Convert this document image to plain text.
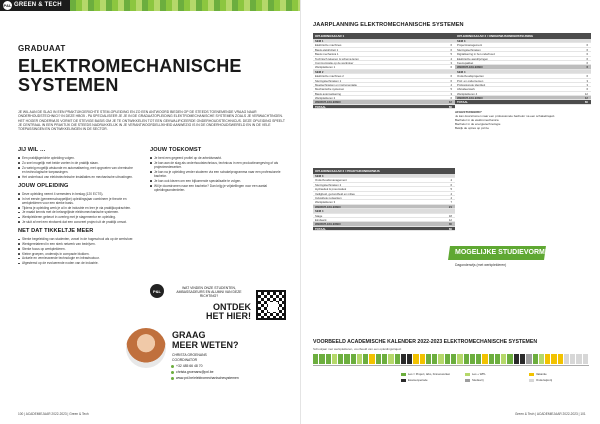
P&L GREEN & TECH
GRADUAAT
ELEKTROMECHANISCHE
SYSTEMEN
JE WIL AAN DE SLAG IN EEN PRAKTIJKGERICHTE STEM-OPLEIDING EN ZO EEN ANTWOORD BIEDEN OP DE STEEDS TOENEMENDE VRAAG NAAR ONDERHOUDSTECHNICI? IN DEZE HBO5 - PA SPECIALISEER JE JE IN DE GRADAATOPLEIDING ELEKTROMECHANISCHE SYSTEMEN ZOALS JE VERWACHTINGEN. HET HOGER ONDERWIJS VORMT DE STEVIGE BASIS OM JE TE ONTWIKKELEN TOT EEN GEKWALIFICEERDE ONDERHOUDSTECHNICUS. DEZE OPLEIDING SPEELT JE CENTRAAL IN EEN PRAKTIJK DIE STEEDS NADRUKKELIJK IN JE VERANTWOORDELIJKHEID AANWEZIG IS IN DE ONDERHOUDSWERELD EN IN DE VELE TOEPASSINGEN EN ONTWIKKELINGEN IN DE SECTOR.
JIJ WIL …
Een praktijkgerichte opleiding volgen.
Zo snel mogelijk met beide voeten in de praktijk staan.
Zo weinig mogelijk wiskunde en automatisering, met opgroeien van chemische en technologische toepassingen.
Het onderhoud van elektrotechnische installaties en mechanische uitrustingen.
JOUW OPLEIDING
Deze opleiding neemt 4 semesters in beslag (120 ECTS).
In het eerste (gemeenschappelijke) opleidingsjaar combineer je theorie en werkplekleren voor een sterke basis.
Tijdens je opleiding werk je al in de industrie en leer je via praktijkopdrachten.
Je maakt kennis met de belangrijkste elektromechanische systemen.
Werkplekleren gebeurt in overleg met je stagementor en opleiding.
Je sluit af met een eindwerk dat een concreet project uit de praktijk omvat.
NET DAT TIKKELTJE MEER
Sterke begeleiding van studenten, zowel in de hogeschool als op de werkvloer.
Werkgerelateerd in een sterk netwerk van bedrijven.
Sterke focus op werkplekleren.
Kleine groepen, onderwijs in compacte blokken.
Actuele en vernieuwende technologie en infrastructuur.
Afgestemd op de evoluerende noden van de industrie.
JOUW TOEKOMST
Je bent een gegeerd profiel op de arbeidsmarkt.
Je kan aan de slag als onderhoudstechnicus, technicus in een productieomgeving of als projectmedewerker.
Je kan na je opleiding verder studeren via een schakelprogramma naar een professionele bachelor.
Je kan ook kiezen om een bijkomende specialisatie te volgen.
Wil je doorstromen naar een bachelor? Dan krijg je vrijstellingen voor een aantal opleidingsonderdelen.
P&L
WAT VINDEN ONZE STUDENTEN, AMBASSADEURS EN ALUMNI VAN DEZE RICHTING?
ONTDEK
HET HIER!
GRAAG
MEER WETEN?
CHRISTA GROENANS
COORDINATOR
+32 485 66 48 70
christa.groenans@pxl.be
www.pxl.be/elektromechanischesystemen
100 | ACADEMIEJAAR 2022-2023 | Green & Tech
JAARPLANNING ELEKTROMECHANISCHE SYSTEMEN
OPLEIDINGSJAAR 1
SEM 1
Elektrische machines	6
Basis elektriciteit 1	6
Basis mechanica 1	5
Technisch tekenen & schema lezen	4
Communicatie op de werkvloer	3
Werkplekleren 1	6
SEM 2
Elektrische machines 2	6
Sturingstechnieken 1	6
Meettechnieken en instrumentatie	4
Mechanische systemen	5
Basis automatisering	3
Werkplekleren 2	6
WERKPLEKLEREN	12
TOTAAL	60
OPLEIDINGSJAAR 2 / PRAKTIJKONDERWIJS
SEM 3
Onderhoudsmanagement	4
Sturingstechnieken 2	6
Hydrauliek & pneumatiek	5
Veiligheid, gezondheid en milieu	4
Industriele netwerken	4
Werkplekleren 3	7
WERKPLEKLEREN	21
SEM 4
Stage	18
Eindwerk	12
WERKPLEKLEREN	30
TOTAAL	60
OPLEIDINGSJAAR 2 / ONDERWIJSONDERSTEUNING
SEM 3
Projectmanagement	6
Sturingstechnieken	6
Digitalisering in het onderhoud	6
Elektrische aandrijvingen	6
Keuzepakket	6
WERKPLEKLEREN	6
SEM 4
Onderhoudsprojecten	6
Prof. en ondernemen	3
Professionele identiteit	3
Afstudeerwerk	6
Werkplekleren 4	12
WERKPLEKLEREN	12
TOTAAL	60
AFGESTUDEERD?
Je kan doorstromen naar een professionele bachelor na een schakeltraject.
Bachelor in de elektromechanica
Bachelor in de energietechnologie
Bekijk de opties op pxl.be
MOGELIJKE STUDIEVORMEN
Dagonderwijs (met werkplekleren)
VOORBEELD ACADEMISCHE KALENDER 2022-2023 ELEKTROMECHANISCHE SYSTEMEN
Schooljaar met werkplekleren, voorbeeld van een opleidingstraject
Les = Project, labo, binnenwerken	Les + WPL	Vakantie
Examenperiode	Studievrij	Onderwijsvrij
Green & Tech | ACADEMIEJAAR 2022-2023 | 101
